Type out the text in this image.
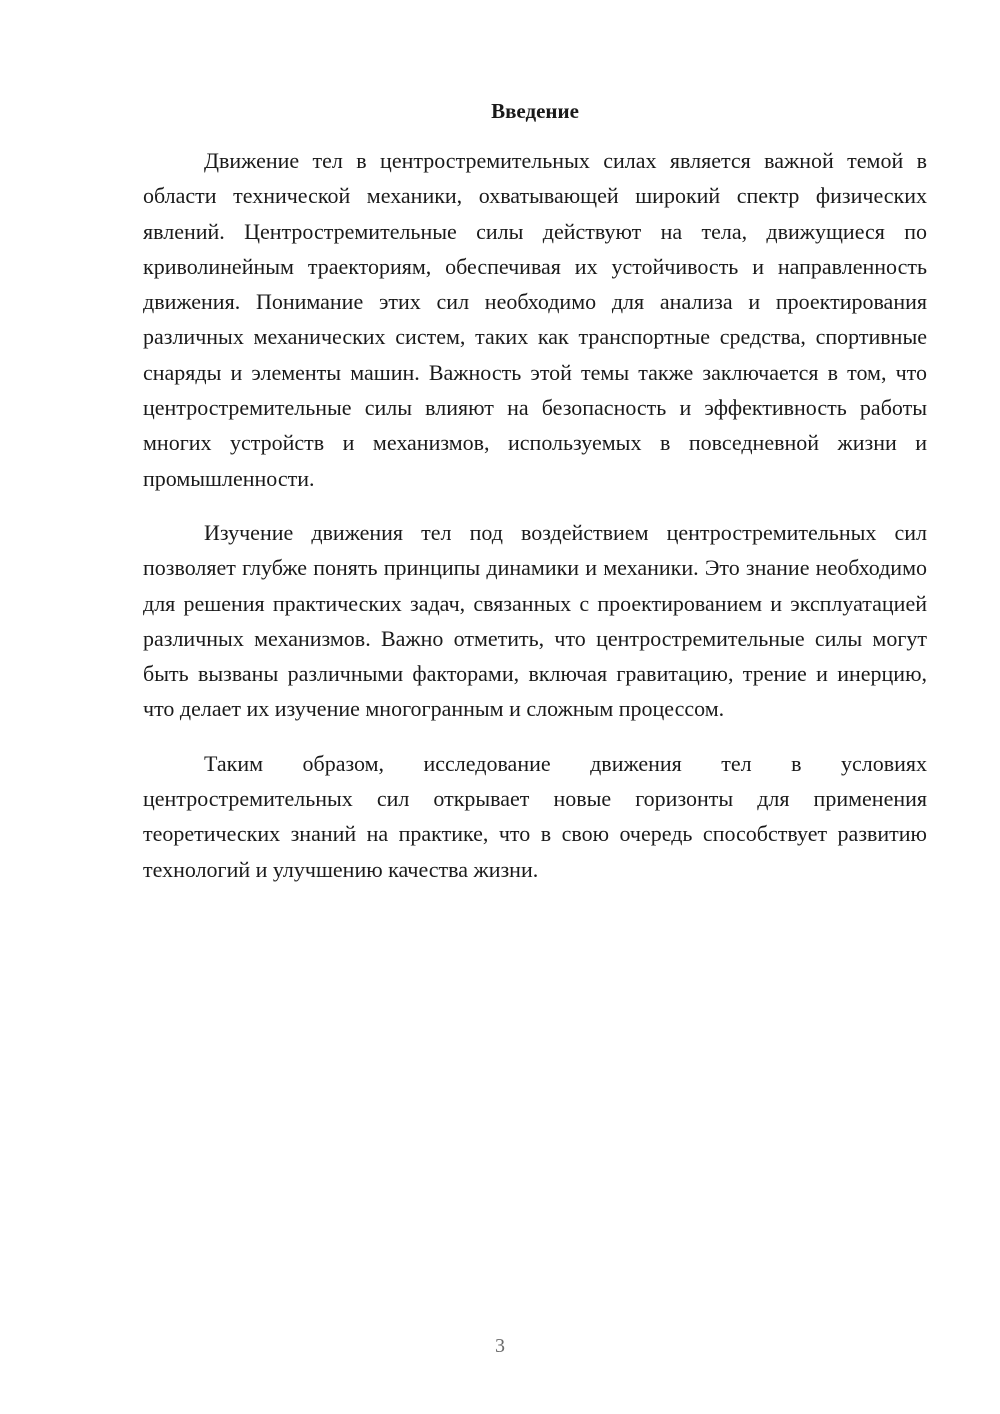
Введение

Движение тел в центростремительных силах является важной темой в области технической механики, охватывающей широкий спектр физических явлений. Центростремительные силы действуют на тела, движущиеся по криволинейным траекториям, обеспечивая их устойчивость и направленность движения. Понимание этих сил необходимо для анализа и проектирования различных механических систем, таких как транспортные средства, спортивные снаряды и элементы машин. Важность этой темы также заключается в том, что центростремительные силы влияют на безопасность и эффективность работы многих устройств и механизмов, используемых в повседневной жизни и промышленности.

Изучение движения тел под воздействием центростремительных сил позволяет глубже понять принципы динамики и механики. Это знание необходимо для решения практических задач, связанных с проектированием и эксплуатацией различных механизмов. Важно отметить, что центростремительные силы могут быть вызваны различными факторами, включая гравитацию, трение и инерцию, что делает их изучение многогранным и сложным процессом.

Таким образом, исследование движения тел в условиях центростремительных сил открывает новые горизонты для применения теоретических знаний на практике, что в свою очередь способствует развитию технологий и улучшению качества жизни.

3
